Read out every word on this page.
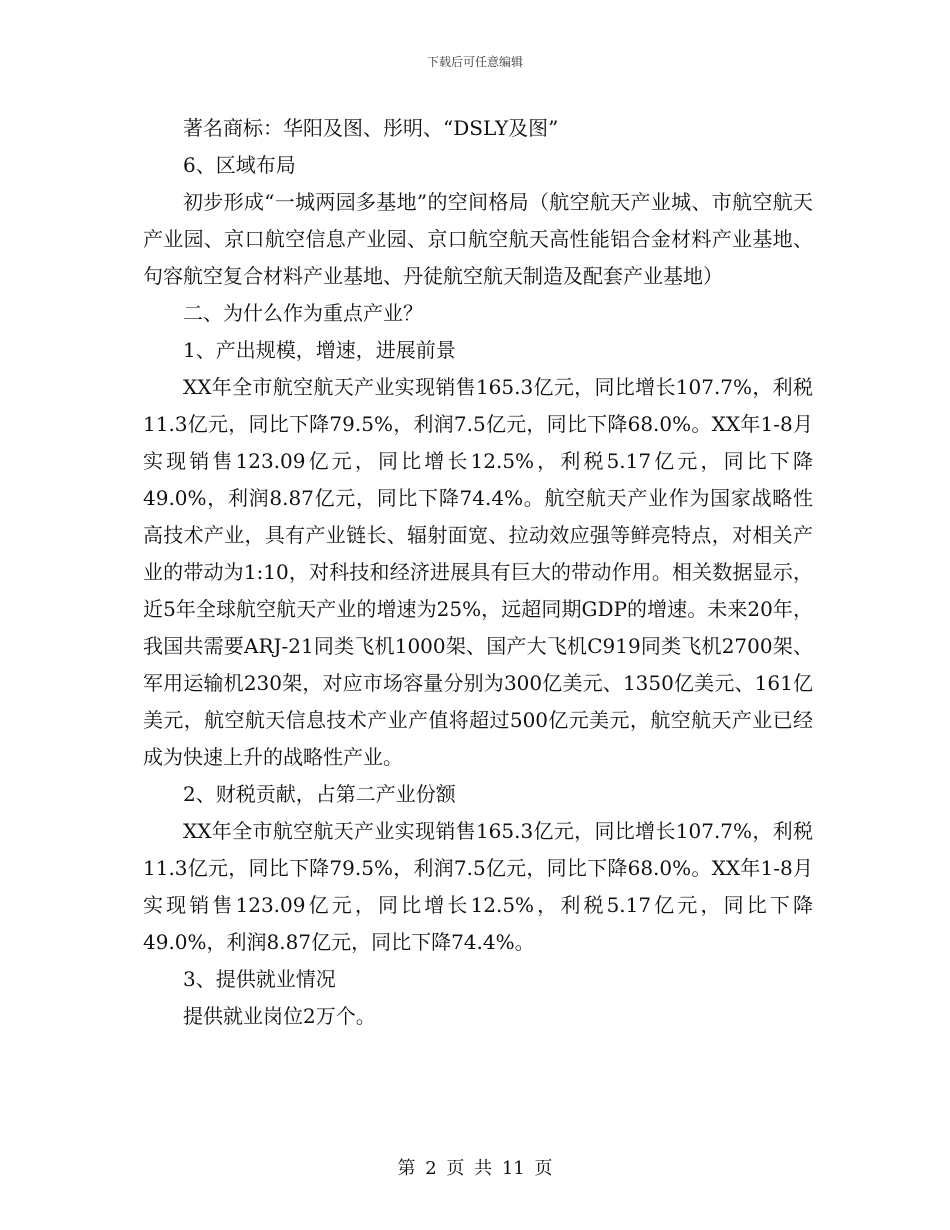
下载后可任意编辑

著名商标：华阳及图、彤明、“DSLY及图”

6、区域布局

初步形成“一城两园多基地”的空间格局（航空航天产业城、市航空航天产业园、京口航空信息产业园、京口航空航天高性能铝合金材料产业基地、句容航空复合材料产业基地、丹徒航空航天制造及配套产业基地）

二、为什么作为重点产业？

1、产出规模，增速，进展前景

XX年全市航空航天产业实现销售165.3亿元，同比增长107.7%，利税11.3亿元，同比下降79.5%，利润7.5亿元，同比下降68.0%。XX年1-8月实现销售123.09亿元，同比增长12.5%，利税5.17亿元，同比下降49.0%，利润8.87亿元，同比下降74.4%。航空航天产业作为国家战略性高技术产业，具有产业链长、辐射面宽、拉动效应强等鲜亮特点，对相关产业的带动为1:10，对科技和经济进展具有巨大的带动作用。相关数据显示，近5年全球航空航天产业的增速为25%，远超同期GDP的增速。未来20年，我国共需要ARJ-21同类飞机1000架、国产大飞机C919同类飞机2700架、军用运输机230架，对应市场容量分别为300亿美元、1350亿美元、161亿美元，航空航天信息技术产业产值将超过500亿元美元，航空航天产业已经成为快速上升的战略性产业。

2、财税贡献，占第二产业份额

XX年全市航空航天产业实现销售165.3亿元，同比增长107.7%，利税11.3亿元，同比下降79.5%，利润7.5亿元，同比下降68.0%。XX年1-8月实现销售123.09亿元，同比增长12.5%，利税5.17亿元，同比下降49.0%，利润8.87亿元，同比下降74.4%。

3、提供就业情况

提供就业岗位2万个。

第 2 页 共 11 页
